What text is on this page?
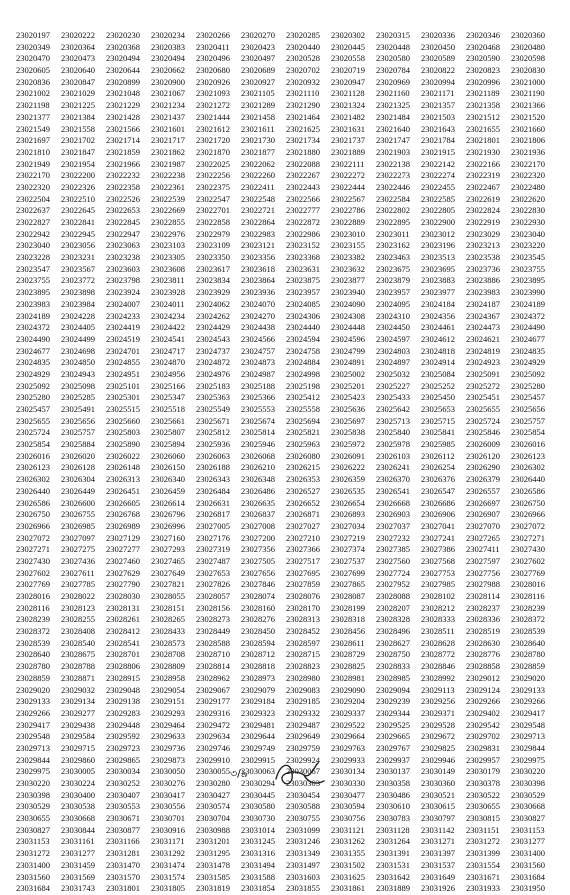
23020197	23020222	23020230	23020234	23020266	23020270	23020285	23020302	23020315	23020336	23020346	23020360
23020349	23020364	23020368	23020383	23020411	23020423	23020440	23020445	23020448	23020450	23020468	23020480
23020470	23020473	23020494	23020494	23020496	23020497	23020528	23020558	23020580	23020589	23020590	23020598
23020605	23020640	23020644	23020662	23020680	23020689	23020702	23020719	23020784	23020822	23020823	23020830
23020836	23020847	23020899	23020900	23020926	23020927	23020932	23020947	23020969	23020994	23020996	23021000
23021002	23021029	23021048	23021067	23021093	23021105	23021110	23021128	23021160	23021171	23021189	23021190
23021198	23021225	23021229	23021234	23021272	23021289	23021290	23021324	23021325	23021357	23021358	23021366
23021377	23021384	23021428	23021437	23021444	23021458	23021464	23021482	23021484	23021503	23021512	23021520
23021549	23021558	23021566	23021601	23021612	23021611	23021625	23021631	23021640	23021643	23021655	23021660
23021697	23021702	23021714	23021717	23021720	23021730	23021734	23021737	23021747	23021784	23021801	23021806
23021810	23021847	23021859	23021862	23021870	23021877	23021880	23021889	23021903	23021915	23021930	23021936
23021949	23021954	23021966	23021987	23022025	23022062	23022088	23022111	23022138	23022142	23022166	23022170
23022170	23022200	23022232	23022238	23022256	23022260	23022267	23022272	23022273	23022274	23022319	23022320
23022320	23022326	23022358	23022361	23022375	23022411	23022443	23022444	23022446	23022455	23022467	23022480
23022504	23022510	23022526	23022539	23022547	23022548	23022566	23022567	23022584	23022585	23022619	23022620
23022637	23022645	23022653	23022669	23022701	23022721	23022777	23022786	23022802	23022805	23022824	23022830
23022827	23022841	23022845	23022855	23022858	23022864	23022872	23022889	23022895	23022900	23022919	23022930
23022942	23022945	23022947	23022976	23022979	23022983	23022986	23023010	23023011	23023012	23023029	23023040
23023040	23023056	23023063	23023103	23023109	23023121	23023152	23023155	23023162	23023196	23023213	23023220
23023228	23023231	23023238	23023305	23023350	23023356	23023368	23023382	23023463	23023513	23023538	23023545
23023547	23023567	23023603	23023608	23023617	23023618	23023631	23023632	23023675	23023695	23023736	23023755
23023755	23023772	23023798	23023811	23023834	23023864	23023875	23023877	23023879	23023883	23023886	23023895
23023895	23023898	23023924	23023928	23023929	23023936	23023957	23023940	23023957	23023977	23023983	23023990
23023983	23023984	23024007	23024011	23024062	23024070	23024085	23024090	23024095	23024184	23024187	23024189
23024189	23024228	23024233	23024234	23024262	23024270	23024306	23024308	23024310	23024356	23024367	23024372
23024372	23024405	23024419	23024422	23024429	23024438	23024440	23024448	23024450	23024461	23024473	23024490
23024490	23024499	23024519	23024541	23024543	23024566	23024594	23024596	23024597	23024612	23024621	23024677
23024677	23024698	23024701	23024717	23024737	23024757	23024758	23024799	23024803	23024818	23024819	23024835
23024835	23024850	23024855	23024870	23024872	23024873	23024884	23024891	23024897	23024914	23024923	23024929
23024929	23024943	23024951	23024956	23024976	23024987	23024998	23025002	23025032	23025084	23025091	23025092
23025092	23025098	23025101	23025166	23025183	23025188	23025198	23025201	23025227	23025252	23025272	23025280
23025280	23025285	23025301	23025347	23025363	23025366	23025412	23025423	23025433	23025450	23025451	23025457
23025457	23025491	23025515	23025518	23025549	23025553	23025558	23025636	23025642	23025653	23025655	23025656
23025655	23025656	23025660	23025661	23025671	23025674	23025694	23025697	23025713	23025715	23025724	23025757
23025724	23025757	23025803	23025807	23025812	23025814	23025821	23025838	23025840	23025841	23025846	23025854
23025854	23025884	23025890	23025894	23025936	23025946	23025963	23025972	23025978	23025985	23026009	23026016
23026016	23026020	23026022	23026060	23026063	23026068	23026080	23026091	23026103	23026112	23026120	23026123
23026123	23026128	23026148	23026150	23026188	23026210	23026215	23026222	23026241	23026254	23026290	23026302
23026302	23026304	23026313	23026340	23026343	23026348	23026353	23026359	23026370	23026376	23026379	23026440
23026440	23026449	23026451	23026459	23026484	23026486	23026527	23026535	23026541	23026547	23026557	23026586
23026586	23026600	23026605	23026614	23026631	23026635	23026652	23026654	23026668	23026686	23026697	23026750
23026750	23026755	23026768	23026796	23026817	23026837	23026871	23026893	23026903	23026906	23026907	23026966
23026966	23026985	23026989	23026996	23027005	23027008	23027027	23027034	23027037	23027041	23027070	23027072
23027072	23027097	23027129	23027160	23027176	23027200	23027210	23027219	23027232	23027241	23027265	23027271
23027271	23027275	23027277	23027293	23027319	23027356	23027366	23027374	23027385	23027386	23027411	23027430
23027430	23027436	23027460	23027465	23027487	23027505	23027517	23027537	23027560	23027568	23027597	23027602
23027602	23027611	23027629	23027649	23027653	23027656	23027695	23027699	23027724	23027753	23027756	23027769
23027769	23027785	23027790	23027821	23027826	23027846	23027859	23027865	23027952	23027985	23027988	23028016
23028016	23028022	23028030	23028055	23028057	23028074	23028076	23028087	23028088	23028102	23028114	23028116
23028116	23028123	23028131	23028151	23028156	23028160	23028170	23028199	23028207	23028212	23028237	23028239
23028239	23028255	23028261	23028265	23028273	23028276	23028313	23028318	23028328	23028333	23028336	23028372
23028372	23028408	23028412	23028433	23028449	23028450	23028452	23028456	23028496	23028511	23028519	23028539
23028539	23028540	23028541	23028573	23028588	23028594	23028597	23028611	23028627	23028628	23028630	23028640
23028640	23028675	23028701	23028708	23028710	23028712	23028715	23028729	23028750	23028772	23028776	23028780
23028780	23028788	23028806	23028809	23028814	23028818	23028823	23028825	23028833	23028846	23028858	23028859
23028859	23028871	23028915	23028958	23028962	23028973	23028980	23028981	23028985	23028992	23029012	23029020
23029020	23029032	23029048	23029054	23029067	23029079	23029083	23029090	23029094	23029113	23029124	23029133
23029133	23029134	23029138	23029151	23029177	23029184	23029185	23029204	23029239	23029256	23029266	23029266
23029266	23029277	23029283	23029293	23029316	23029323	23029332	23029337	23029344	23029371	23029402	23029417
23029417	23029438	23029448	23029464	23029472	23029481	23029487	23029522	23029525	23029528	23029542	23029548
23029548	23029584	23029592	23029633	23029634	23029644	23029649	23029664	23029665	23029672	23029702	23029713
23029713	23029715	23029723	23029736	23029746	23029749	23029759	23029763	23029767	23029825	23029831	23029844
23029844	23029860	23029865	23029873	23029910	23029915	23029924	23029933	23029937	23029946	23029957	23029975
23029975	23030005	23030034	23030050	23030055	23030063	23030067	23030134	23030137	23030149	23030179	23030220
23030220	23030224	23030252	23030276	23030280	23030294	23030303	23030330	23030358	23030360	23030378	23030398
23030398	23030400	23030407	23030417	23030427	23030445	23030454	23030477	23030486	23030521	23030522	23030529
23030529	23030538	23030553	23030556	23030574	23030580	23030588	23030594	23030610	23030615	23030655	23030668
23030655	23030668	23030671	23030701	23030704	23030730	23030755	23030756	23030783	23030797	23030815	23030827
23030827	23030844	23030877	23030916	23030988	23031014	23031099	23031121	23031128	23031142	23031151	23031153
23031153	23031161	23031166	23031171	23031201	23031245	23031246	23031262	23031264	23031271	23031272	23031277
23031272	23031277	23031281	23031292	23031295	23031316	23031349	23031355	23031391	23031397	23031399	23031400
23031400	23031459	23031470	23031474	23031478	23031494	23031497	23031502	23031531	23031537	23031554	23031560
23031560	23031569	23031570	23031574	23031585	23031588	23031603	23031625	23031642	23031649	23031671	23031684
23031684	23031743	23031801	23031805	23031819	23031854	23031855	23031861	23031889	23031926	23031933	23031950
৩/৯
